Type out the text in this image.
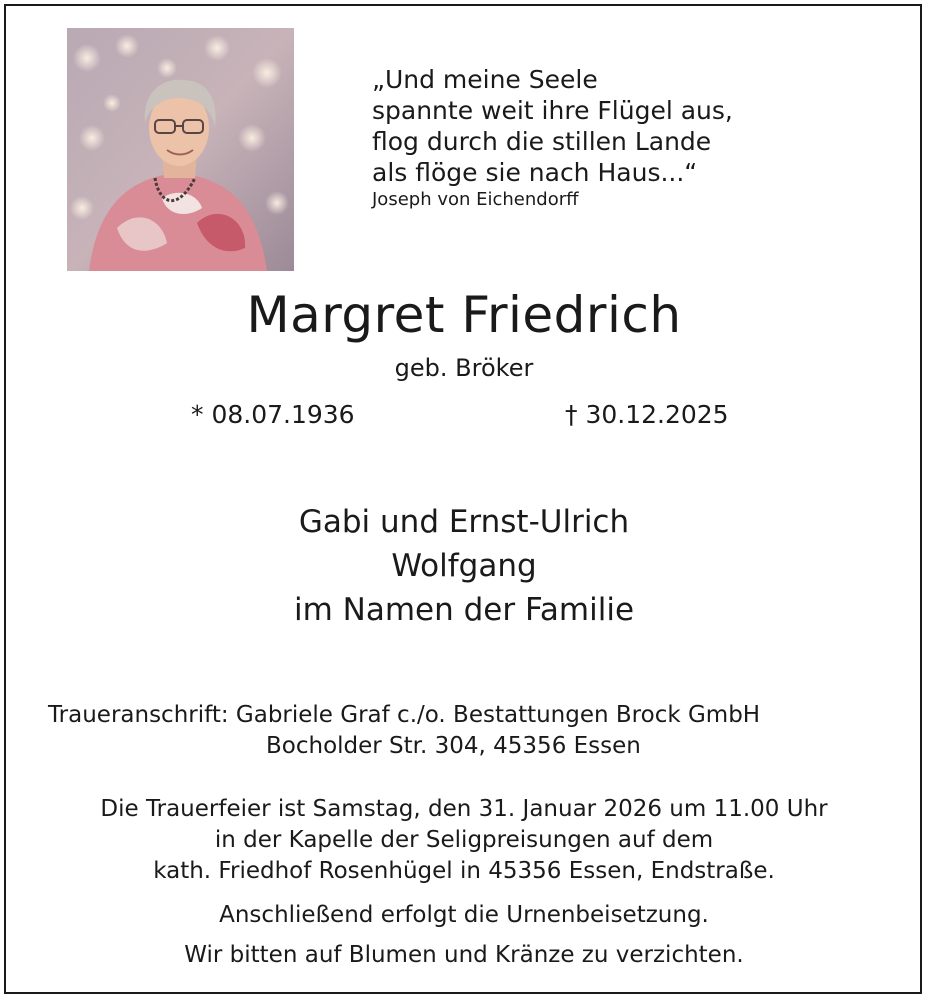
„Und meine Seele
spannte weit ihre Flügel aus,
flog durch die stillen Lande
als flöge sie nach Haus...“
Joseph von Eichendorff
Margret Friedrich
geb. Bröker
* 08.07.1936	† 30.12.2025
Gabi und Ernst-Ulrich
Wolfgang
im Namen der Familie
Traueranschrift: Gabriele Graf c./o. Bestattungen Brock GmbH
Bocholder Str. 304, 45356 Essen
Die Trauerfeier ist Samstag, den 31. Januar 2026 um 11.00 Uhr
in der Kapelle der Seligpreisungen auf dem
kath. Friedhof Rosenhügel in 45356 Essen, Endstraße.
Anschließend erfolgt die Urnenbeisetzung.
Wir bitten auf Blumen und Kränze zu verzichten.
